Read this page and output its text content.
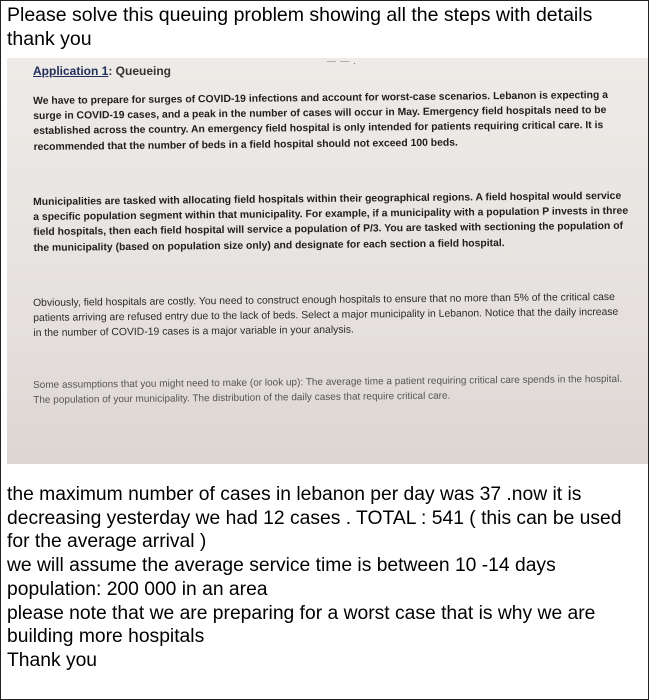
Please solve this queuing problem showing all the steps with details thank you
— — .
Application 1: Queueing
We have to prepare for surges of COVID-19 infections and account for worst-case scenarios. Lebanon is expecting a surge in COVID-19 cases, and a peak in the number of cases will occur in May. Emergency field hospitals need to be established across the country. An emergency field hospital is only intended for patients requiring critical care. It is recommended that the number of beds in a field hospital should not exceed 100 beds.
Municipalities are tasked with allocating field hospitals within their geographical regions. A field hospital would service a specific population segment within that municipality. For example, if a municipality with a population P invests in three field hospitals, then each field hospital will service a population of P/3. You are tasked with sectioning the population of the municipality (based on population size only) and designate for each section a field hospital.
Obviously, field hospitals are costly. You need to construct enough hospitals to ensure that no more than 5% of the critical case patients arriving are refused entry due to the lack of beds. Select a major municipality in Lebanon. Notice that the daily increase in the number of COVID-19 cases is a major variable in your analysis.
Some assumptions that you might need to make (or look up): The average time a patient requiring critical care spends in the hospital. The population of your municipality. The distribution of the daily cases that require critical care.

the maximum number of cases in lebanon per day was 37 .now it is decreasing yesterday we had 12 cases . TOTAL : 541 ( this can be used for the average arrival )

we will assume the average service time is between 10 -14 days

population: 200 000 in an area

please note that we are preparing for a worst case that is why we are building more hospitals

Thank you
